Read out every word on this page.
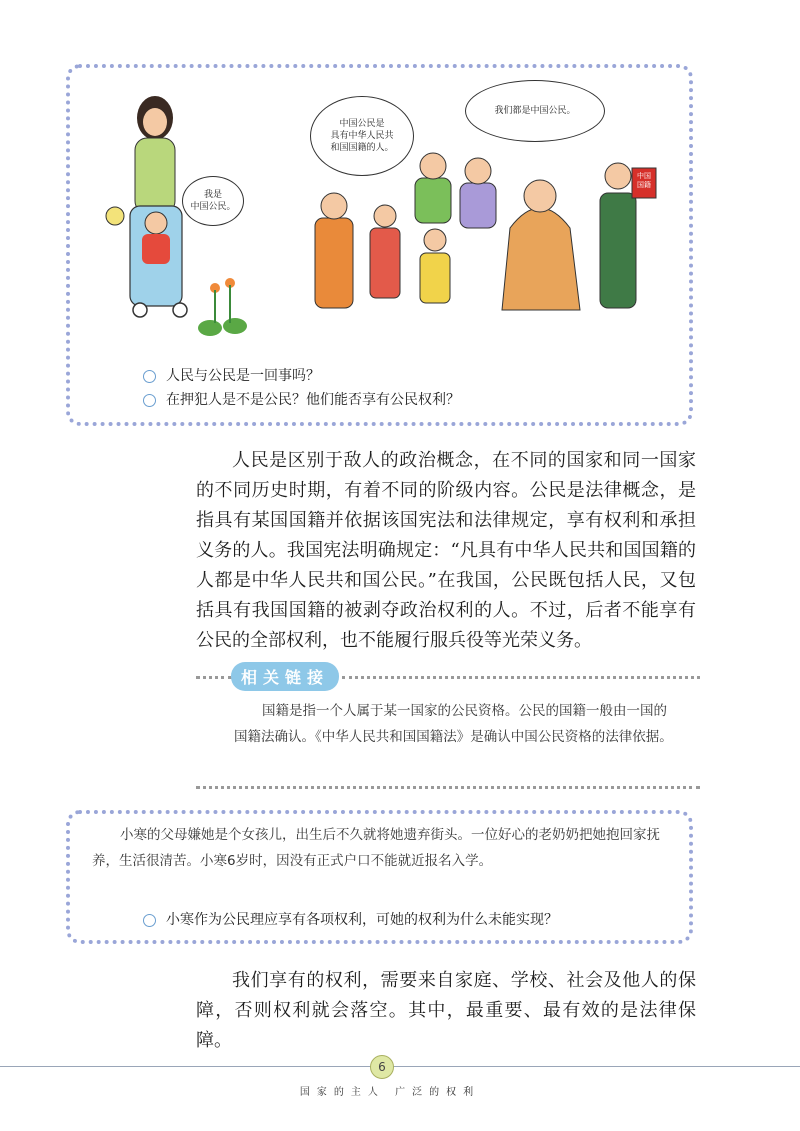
我是
中国公民。
中国公民是
具有中华人民共
和国国籍的人。
我们都是中国公民。
中国
国籍
人民与公民是一回事吗？
在押犯人是不是公民？他们能否享有公民权利？

人民是区别于敌人的政治概念，在不同的国家和同一国家的不同历史时期，有着不同的阶级内容。公民是法律概念，是指具有某国国籍并依据该国宪法和法律规定，享有权利和承担义务的人。我国宪法明确规定：“凡具有中华人民共和国国籍的人都是中华人民共和国公民。”在我国，公民既包括人民，又包括具有我国国籍的被剥夺政治权利的人。不过，后者不能享有公民的全部权利，也不能履行服兵役等光荣义务。

相关链接

国籍是指一个人属于某一国家的公民资格。公民的国籍一般由一国的国籍法确认。《中华人民共和国国籍法》是确认中国公民资格的法律依据。

小寒的父母嫌她是个女孩儿，出生后不久就将她遗弃街头。一位好心的老奶奶把她抱回家抚养，生活很清苦。小寒6岁时，因没有正式户口不能就近报名入学。

小寒作为公民理应享有各项权利，可她的权利为什么未能实现？

我们享有的权利，需要来自家庭、学校、社会及他人的保障，否则权利就会落空。其中，最重要、最有效的是法律保障。

6
国家的主人 广泛的权利
